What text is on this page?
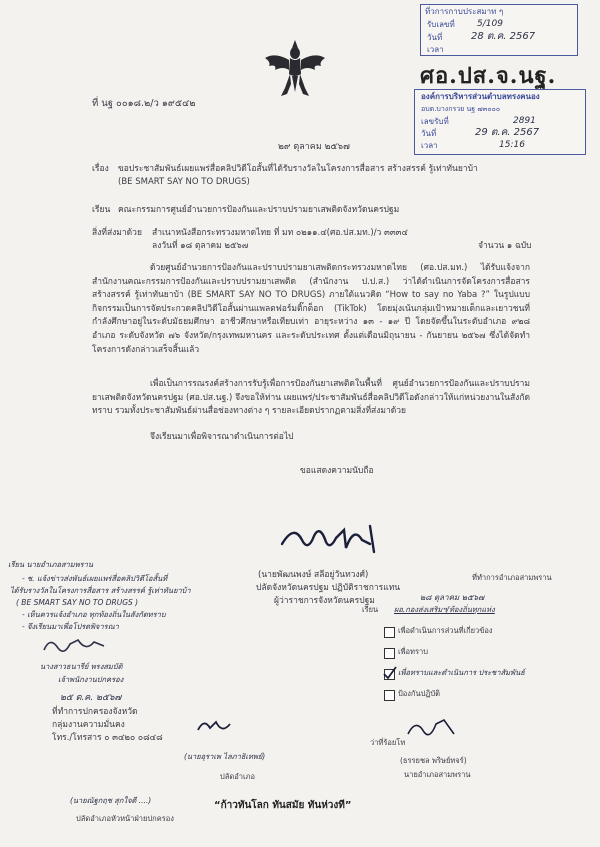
ที่วการกาบประสมาท ๆ
รับเลขที่ 5/109
วันที่	28 ต.ค. 2567
เวลา
ศอ.ปส.จ.นฐ.
ที่ นฐ ๐๐๑๘.๒/ว ๑๙๕๔๒
องค์การบริหารส่วนตำบลทรงคนอง
อบต.บางกรวย นฐ ๗๓๐๐๐
เลขรับที่	2891
วันที่	29 ต.ค. 2567
เวลา	15:16
๒๙ ตุลาคม ๒๕๖๗
เรื่อง ขอประชาสัมพันธ์เผยแพร่สื่อคลิปวิดีโอสั้นที่ได้รับรางวัลในโครงการสื่อสาร สร้างสรรค์ รู้เท่าทันยาบ้า
(BE SMART SAY NO TO DRUGS)
เรียน คณะกรรมการศูนย์อำนวยการป้องกันและปราบปรามยาเสพติดจังหวัดนครปฐม
สิ่งที่ส่งมาด้วย สำเนาหนังสือกระทรวงมหาดไทย ที่ มท ๐๒๑๑.๔(ศอ.ปส.มท.)/ว ๓๓๓๔
ลงวันที่ ๑๘ ตุลาคม ๒๕๖๗	จำนวน ๑ ฉบับ
ด้วยศูนย์อำนวยการป้องกันและปราบปรามยาเสพติดกระทรวงมหาดไทย (ศอ.ปส.มท.) ได้รับแจ้งจากสำนักงานคณะกรรมการป้องกันและปราบปรามยาเสพติด (สำนักงาน ป.ป.ส.) ว่าได้ดำเนินการจัดโครงการสื่อสาร สร้างสรรค์ รู้เท่าทันยาบ้า (BE SMART SAY NO TO DRUGS) ภายใต้แนวคิด “How to say no Yaba ?” ในรูปแบบกิจกรรมเป็นการจัดประกวดคลิปวิดีโอสั้นผ่านแพลตฟอร์มติ๊กต็อก (TikTok) โดยมุ่งเน้นกลุ่มเป้าหมายเด็กและเยาวชนที่กำลังศึกษาอยู่ในระดับมัธยมศึกษา อาชีวศึกษาหรือเทียบเท่า อายุระหว่าง ๑๓ - ๑๙ ปี โดยจัดขึ้นในระดับอำเภอ ๙๒๘ อำเภอ ระดับจังหวัด ๗๖ จังหวัด/กรุงเทพมหานคร และระดับประเทศ ตั้งแต่เดือนมิถุนายน - กันยายน ๒๕๖๗ ซึ่งได้จัดทำโครงการดังกล่าวเสร็จสิ้นแล้ว
เพื่อเป็นการรณรงค์สร้างการรับรู้เพื่อการป้องกันยาเสพติดในพื้นที่ ศูนย์อำนวยการป้องกันและปราบปรามยาเสพติดจังหวัดนครปฐม (ศอ.ปส.นฐ.) จึงขอให้ท่าน เผยแพร่/ประชาสัมพันธ์สื่อคลิปวิดีโอดังกล่าวให้แก่หน่วยงานในสังกัดทราบ รวมทั้งประชาสัมพันธ์ผ่านสื่อช่องทางต่าง ๆ รายละเอียดปรากฏตามสิ่งที่ส่งมาด้วย
จึงเรียนมาเพื่อพิจารณาดำเนินการต่อไป
ขอแสดงความนับถือ
(นายพัฒนพงษ์ สลีอยู่วันทวงศ์)
ปลัดจังหวัดนครปฐม ปฏิบัติราชการแทน
ผู้ว่าราชการจังหวัดนครปฐม
เรียน นายอำเภอสามพราน
- ช. แจ้งข่าวส่งพันธ์เผยแพร่สื่อคลิปวิดีโอสั้นที่
ได้รับรางวัลในโครงการสื่อสาร สร้างสรรค์ รู้เท่าทันยาบ้า
( BE SMART SAY NO TO DRUGS )
- เห็นควรแจ้งอำเภอ ทุกท้องถิ่นในสังกัดทราบ
- จึงเรียนมาเพื่อโปรดพิจารณา
นางสาวธนารีย์ พรงสมบัติ
เจ้าพนักงานปกครอง
๒๕ ต.ค. ๒๕๖๗
ที่ทำการปกครองจังหวัด
กลุ่มงานความมั่นคง
โทร./โทรสาร ๐ ๓๔๒๐ ๐๘๔๘
ที่ทำการอำเภอสามพราน
๒๘ ตุลาคม ๒๕๖๗
เรียน ผอ.กองส่งเสริมฯ/ท้องถิ่นทุกแห่ง
เพื่อดำเนินการส่วนที่เกี่ยวข้อง
เพื่อทราบ
เพื่อทราบและดำเนินการ ประชาสัมพันธ์
ป้องกันปฏิบัติ
(นายอุราเพ ไลภาธิเทพย์)
ปลัดอำเภอ
ว่าที่ร้อยโท
(ธรรยชล พริษย์ทจร์)
นายอำเภอสามพราน
(นายณัฐกฤช สุกใจดี ....)
ปลัดอำเภอหัวหน้าฝ่ายปกครอง
“ก้าวทันโลก ทันสมัย ทันห่วงที”
